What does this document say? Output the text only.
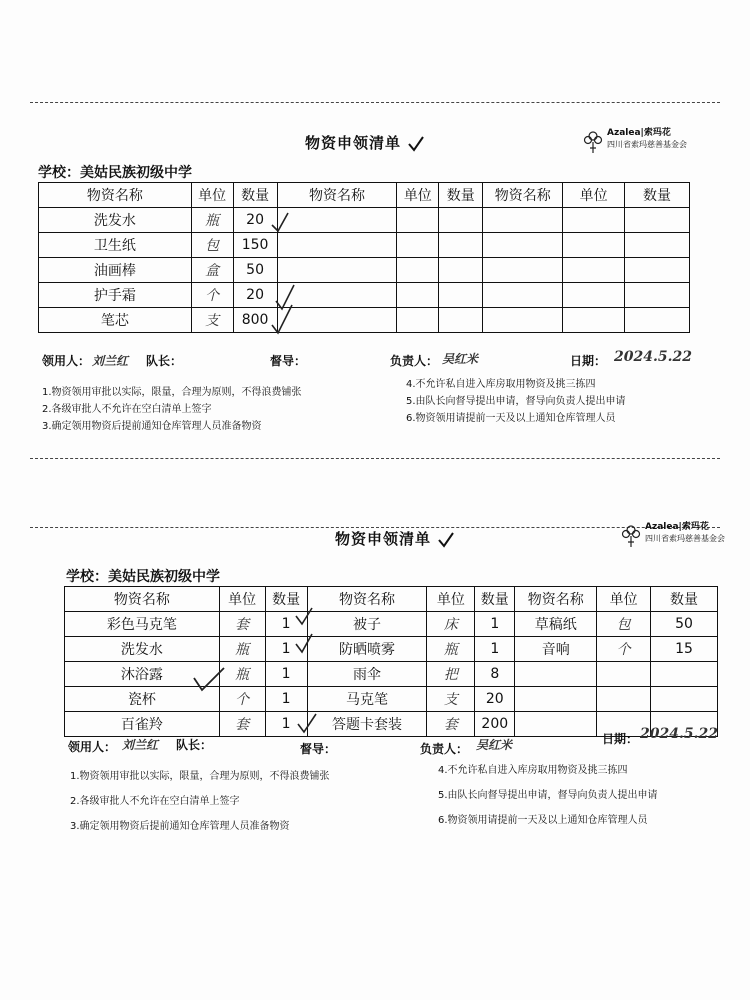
物资申领清单
Azalea|索玛花
四川省索玛慈善基金会
学校：美姑民族初级中学
物资名称	单位	数量	物资名称	单位	数量	物资名称	单位	数量
洗发水	瓶	20						
卫生纸	包	150						
油画棒	盒	50						
护手霜	个	20						
笔芯	支	800						
领用人： 刘兰红 队长：	督导：	负责人： 吴红米	日期： 2024.5.22
1.物资领用审批以实际，限量，合理为原则，不得浪费铺张
2.各级审批人不允许在空白清单上签字
3.确定领用物资后提前通知仓库管理人员准备物资
4.不允许私自进入库房取用物资及挑三拣四
5.由队长向督导提出申请，督导向负责人提出申请
6.物资领用请提前一天及以上通知仓库管理人员
物资申领清单
Azalea|索玛花
四川省索玛慈善基金会
学校：美姑民族初级中学
物资名称	单位	数量	物资名称	单位	数量	物资名称	单位	数量
彩色马克笔	套	1	被子	床	1	草稿纸	包	50
洗发水	瓶	1	防晒喷雾	瓶	1	音响	个	15
沐浴露	瓶	1	雨伞	把	8			
瓷杯	个	1	马克笔	支	20			
百雀羚	套	1	答题卡套装	套	200			
领用人： 刘兰红 队长：	督导：	负责人： 吴红米	日期： 2024.5.22
1.物资领用审批以实际，限量，合理为原则，不得浪费铺张
2.各级审批人不允许在空白清单上签字
3.确定领用物资后提前通知仓库管理人员准备物资
4.不允许私自进入库房取用物资及挑三拣四
5.由队长向督导提出申请，督导向负责人提出申请
6.物资领用请提前一天及以上通知仓库管理人员
